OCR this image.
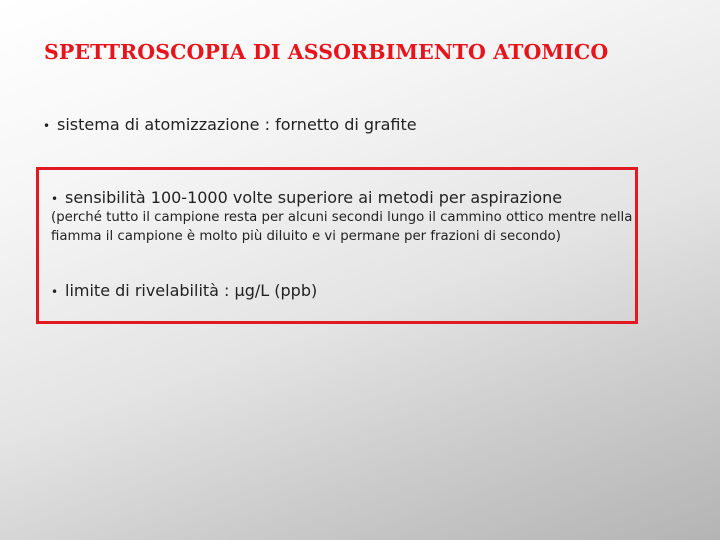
SPETTROSCOPIA DI ASSORBIMENTO ATOMICO
• sistema di atomizzazione : fornetto di grafite
• sensibilità 100-1000 volte superiore ai metodi per aspirazione

(perché tutto il campione resta per alcuni secondi lungo il cammino ottico mentre nella fiamma il campione è molto più diluito e vi permane per frazioni di secondo)

• limite di rivelabilità : µg/L (ppb)
